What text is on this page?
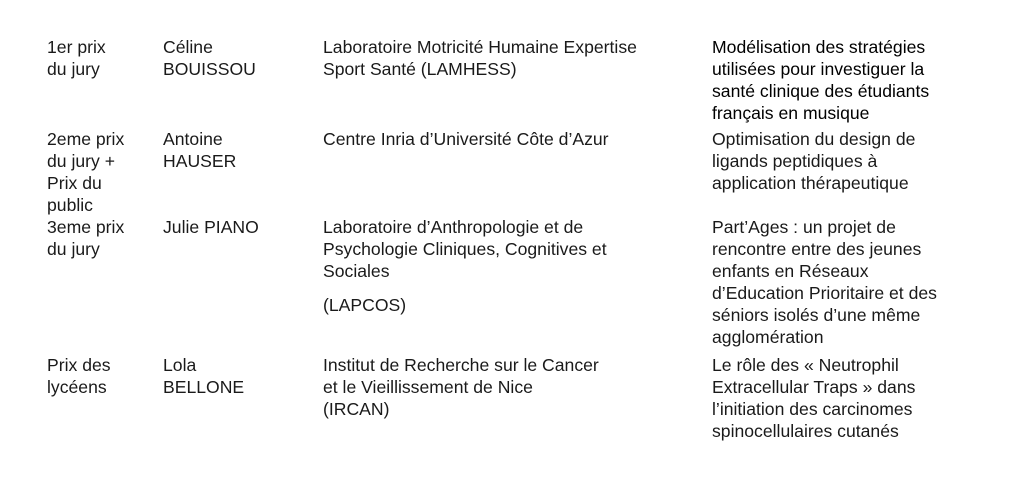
1er prix
du jury
Céline
BOUISSOU
Laboratoire Motricité Humaine Expertise
Sport Santé (LAMHESS)
Modélisation des stratégies
utilisées pour investiguer la
santé clinique des étudiants
français en musique
2eme prix
du jury +
Prix du
public
Antoine
HAUSER
Centre Inria d’Université Côte d’Azur	Optimisation du design de
ligands peptidiques à
application thérapeutique
3eme prix
du jury
Julie PIANO	Laboratoire d’Anthropologie et de
Psychologie Cliniques, Cognitives et
Sociales
(LAPCOS)
Part’Ages : un projet de
rencontre entre des jeunes
enfants en Réseaux
d’Education Prioritaire et des
séniors isolés d’une même
agglomération
Prix des
lycéens
Lola
BELLONE
Institut de Recherche sur le Cancer
et le Vieillissement de Nice
(IRCAN)
Le rôle des « Neutrophil
Extracellular Traps » dans
l’initiation des carcinomes
spinocellulaires cutanés
